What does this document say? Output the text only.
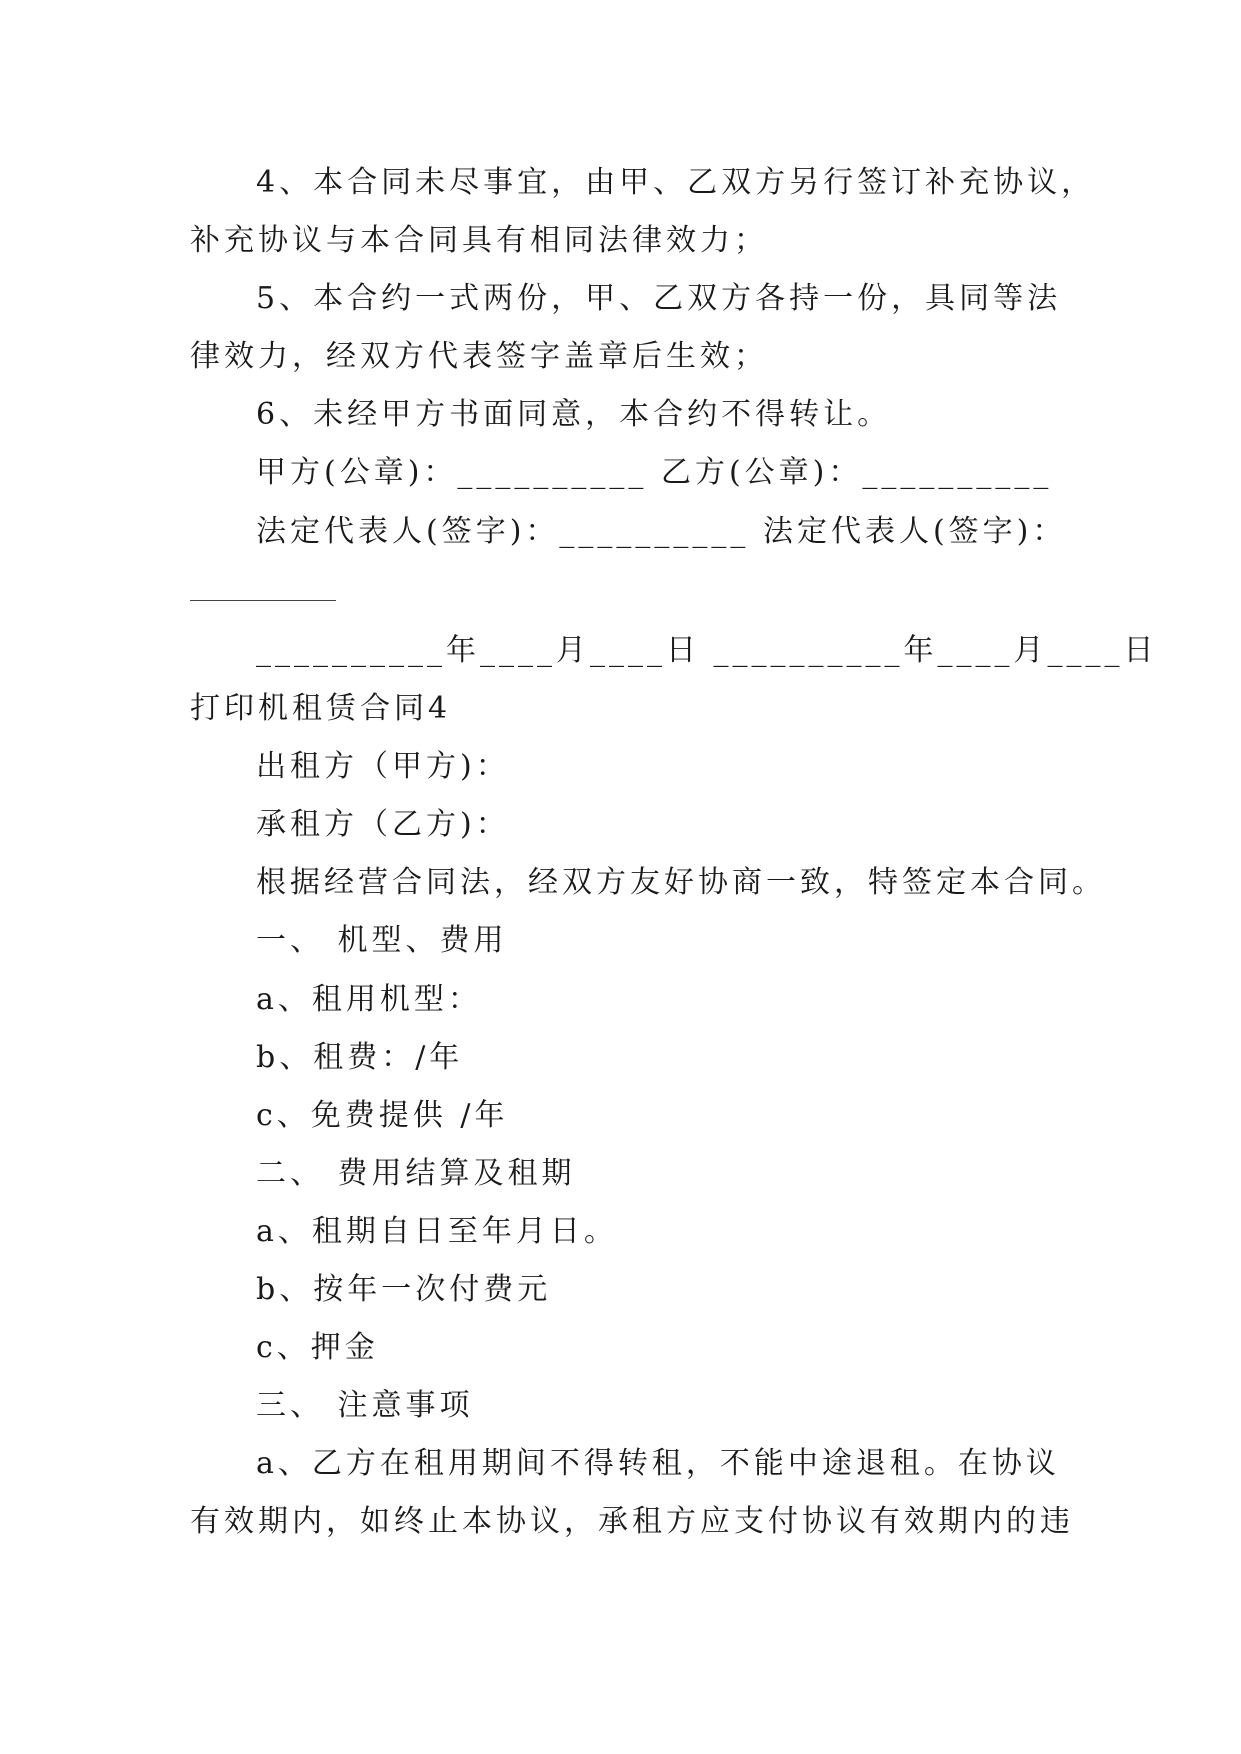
4、本合同未尽事宜，由甲、乙双方另行签订补充协议，
补充协议与本合同具有相同法律效力；
5、本合约一式两份，甲、乙双方各持一份，具同等法
律效力，经双方代表签字盖章后生效；
6、未经甲方书面同意，本合约不得转让。
甲方(公章)：__________ 乙方(公章)：__________
法定代表人(签字)：__________ 法定代表人(签字)：
__________年____月____日 __________年____月____日
打印机租赁合同4
出租方（甲方)：
承租方（乙方)：
根据经营合同法，经双方友好协商一致，特签定本合同。
一、 机型、费用
a、租用机型：
b、租费：/年
c、免费提供 /年
二、 费用结算及租期
a、租期自日至年月日。
b、按年一次付费元
c、押金
三、 注意事项
a、乙方在租用期间不得转租，不能中途退租。在协议
有效期内，如终止本协议，承租方应支付协议有效期内的违
